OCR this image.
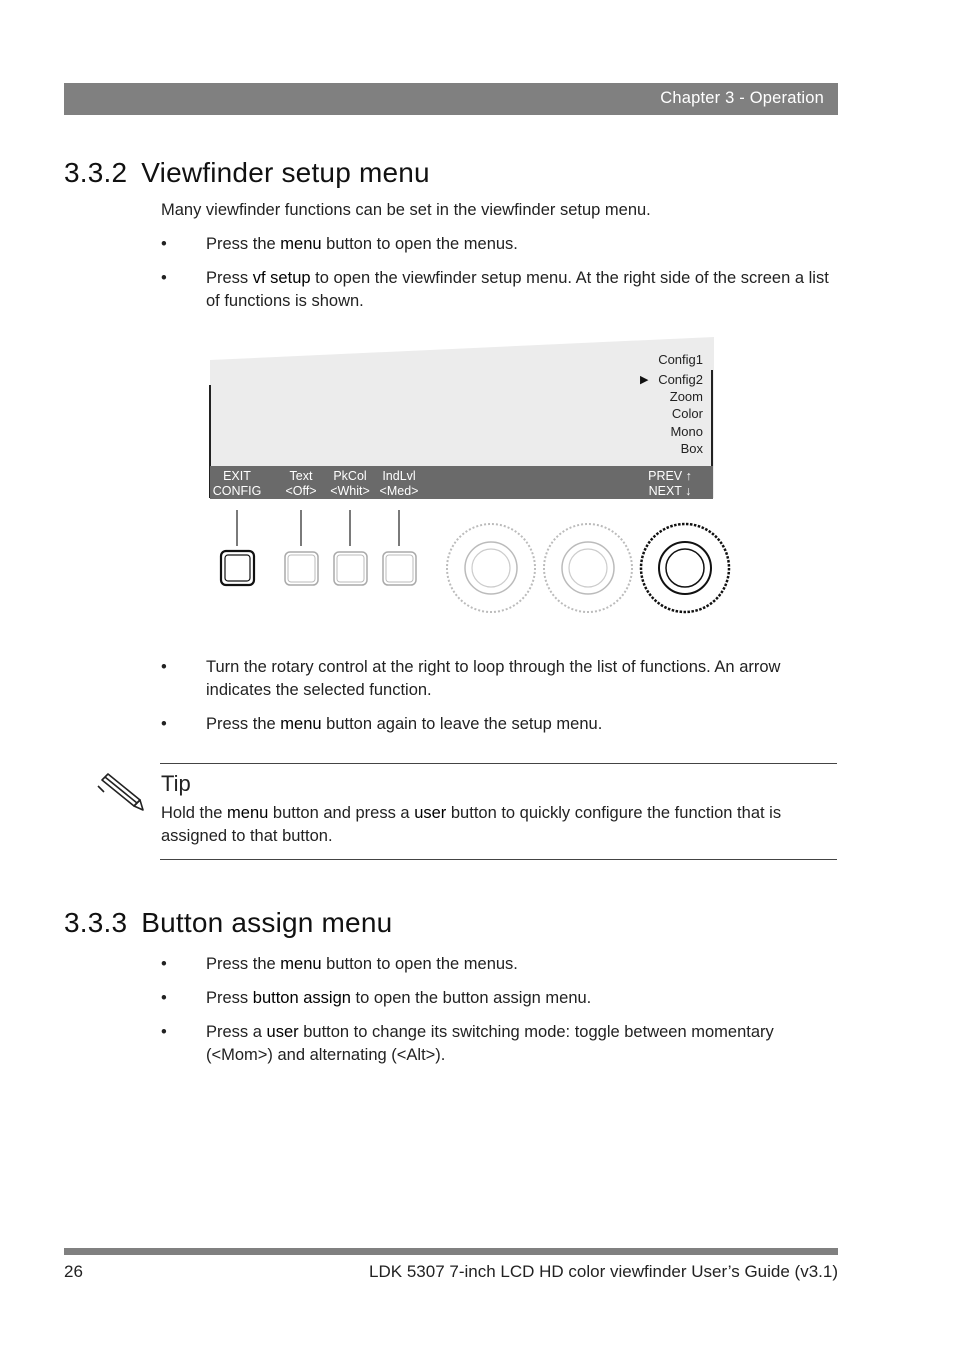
Chapter 3 - Operation
3.3.2 Viewfinder setup menu

Many viewfinder functions can be set in the viewfinder setup menu.

• Press the menu button to open the menus.
• Press vf setup to open the viewfinder setup menu. At the right side of the screen a list of functions is shown.
Config1
Config2
Zoom
Color
Mono
Box
▶
EXIT
CONFIG
Text
<Off>
PkCol
<Whit>
IndLvl
<Med>
PREV ↑
NEXT ↓
• Turn the rotary control at the right to loop through the list of functions. An arrow indicates the selected function.
• Press the menu button again to leave the setup menu.

Tip

Hold the menu button and press a user button to quickly configure the function that is assigned to that button.
3.3.3 Button assign menu
• Press the menu button to open the menus.
• Press button assign to open the button assign menu.
• Press a user button to change its switching mode: toggle between momentary (<Mom>) and alternating (<Alt>).
26	LDK 5307 7-inch LCD HD color viewfinder User’s Guide (v3.1)
